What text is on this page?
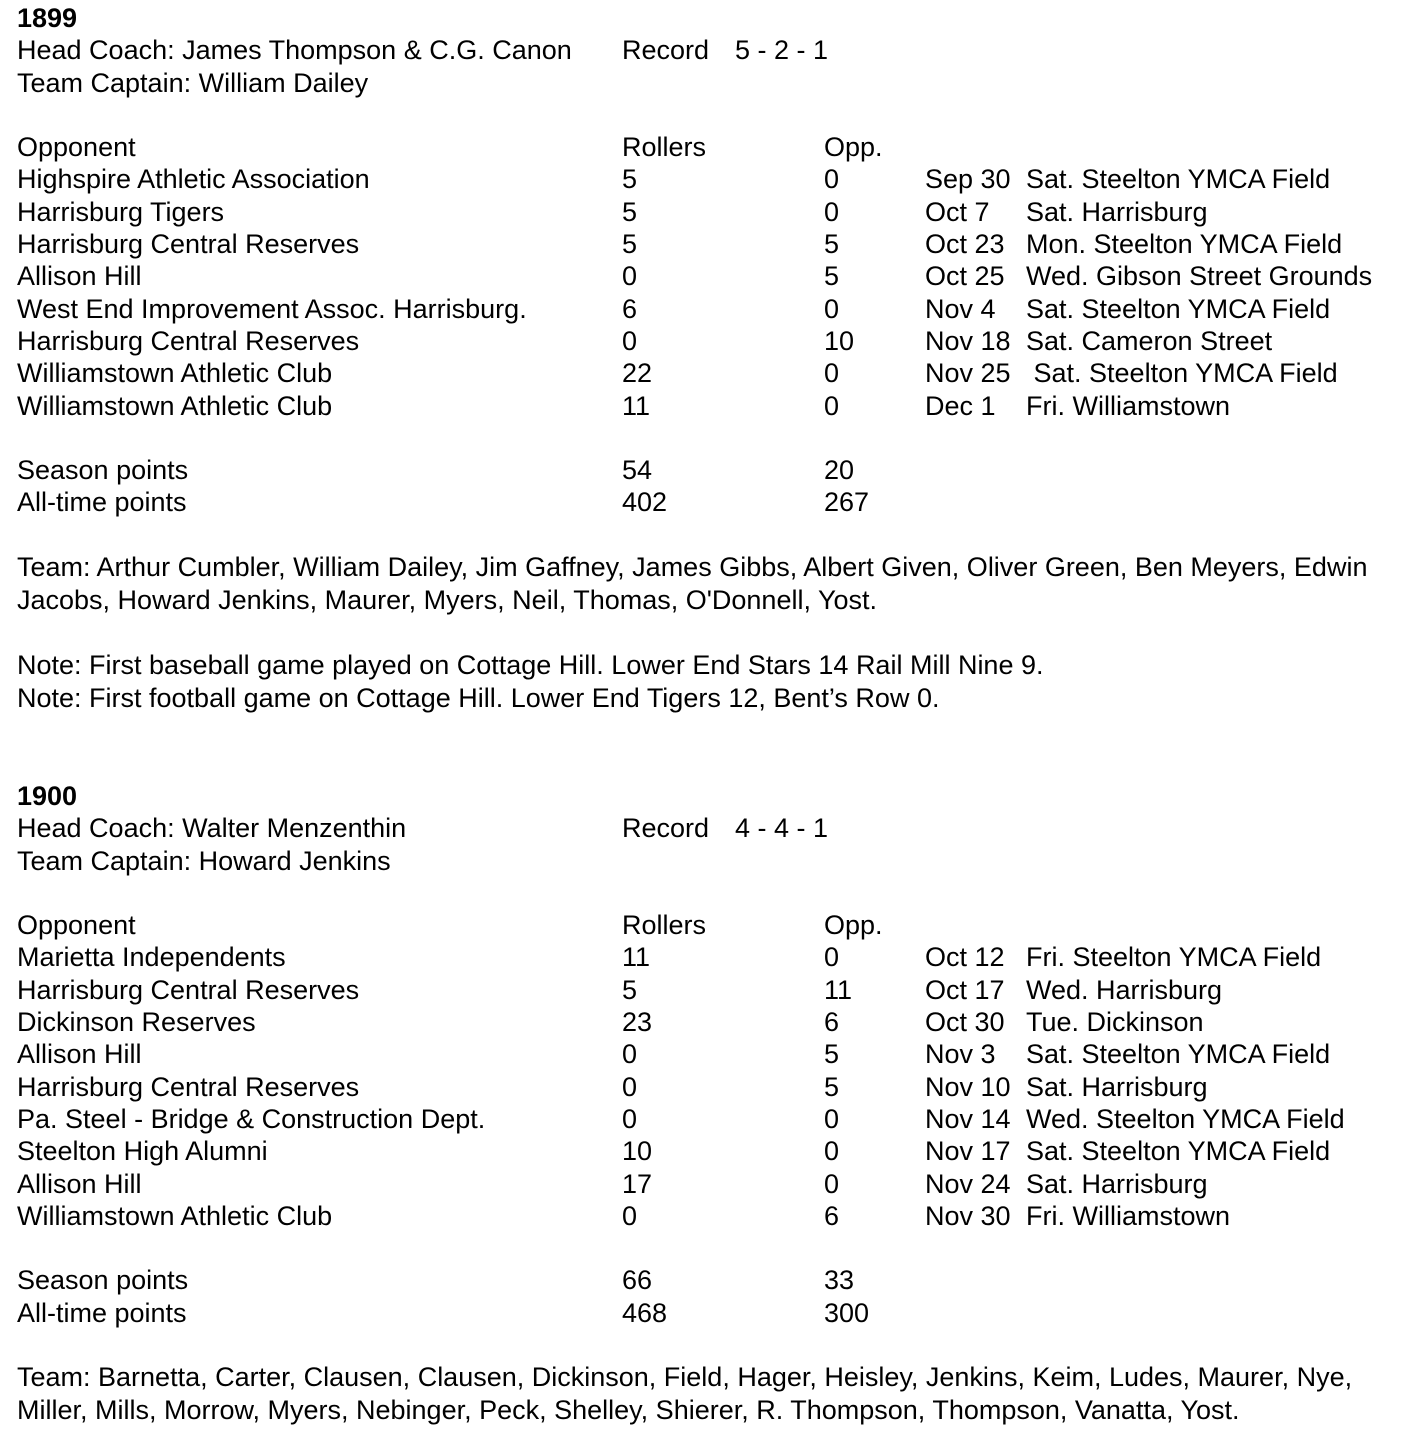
1899
Head Coach: James Thompson & C.G. Canon Record 5 - 2 - 1
Team Captain: William Dailey
Opponent	Rollers	Opp.
Highspire Athletic Association	5	0	Sep 30 Sat. Steelton YMCA Field
Harrisburg Tigers	5	0	Oct 7 Sat. Harrisburg
Harrisburg Central Reserves	5	5	Oct 23 Mon. Steelton YMCA Field
Allison Hill	0	5	Oct 25 Wed. Gibson Street Grounds
West End Improvement Assoc. Harrisburg.	6	0	Nov 4 Sat. Steelton YMCA Field
Harrisburg Central Reserves	0	10	Nov 18 Sat. Cameron Street
Williamstown Athletic Club	22	0	Nov 25 Sat. Steelton YMCA Field
Williamstown Athletic Club	11	0	Dec 1 Fri. Williamstown
Season points	54	20
All-time points	402	267
Team: Arthur Cumbler, William Dailey, Jim Gaffney, James Gibbs, Albert Given, Oliver Green, Ben Meyers, Edwin Jacobs, Howard Jenkins, Maurer, Myers, Neil, Thomas, O'Donnell, Yost.
Note: First baseball game played on Cottage Hill. Lower End Stars 14 Rail Mill Nine 9.
Note: First football game on Cottage Hill. Lower End Tigers 12, Bent’s Row 0.
1900
Head Coach: Walter Menzenthin	Record 4 - 4 - 1
Team Captain: Howard Jenkins
Opponent	Rollers	Opp.
Marietta Independents	11	0	Oct 12 Fri. Steelton YMCA Field
Harrisburg Central Reserves	5	11	Oct 17 Wed. Harrisburg
Dickinson Reserves	23	6	Oct 30 Tue. Dickinson
Allison Hill	0	5	Nov 3 Sat. Steelton YMCA Field
Harrisburg Central Reserves	0	5	Nov 10 Sat. Harrisburg
Pa. Steel - Bridge & Construction Dept.	0	0	Nov 14 Wed. Steelton YMCA Field
Steelton High Alumni	10	0	Nov 17 Sat. Steelton YMCA Field
Allison Hill	17	0	Nov 24 Sat. Harrisburg
Williamstown Athletic Club	0	6	Nov 30 Fri. Williamstown
Season points	66	33
All-time points	468	300
Team: Barnetta, Carter, Clausen, Clausen, Dickinson, Field, Hager, Heisley, Jenkins, Keim, Ludes, Maurer, Nye, Miller, Mills, Morrow, Myers, Nebinger, Peck, Shelley, Shierer, R. Thompson, Thompson, Vanatta, Yost.
